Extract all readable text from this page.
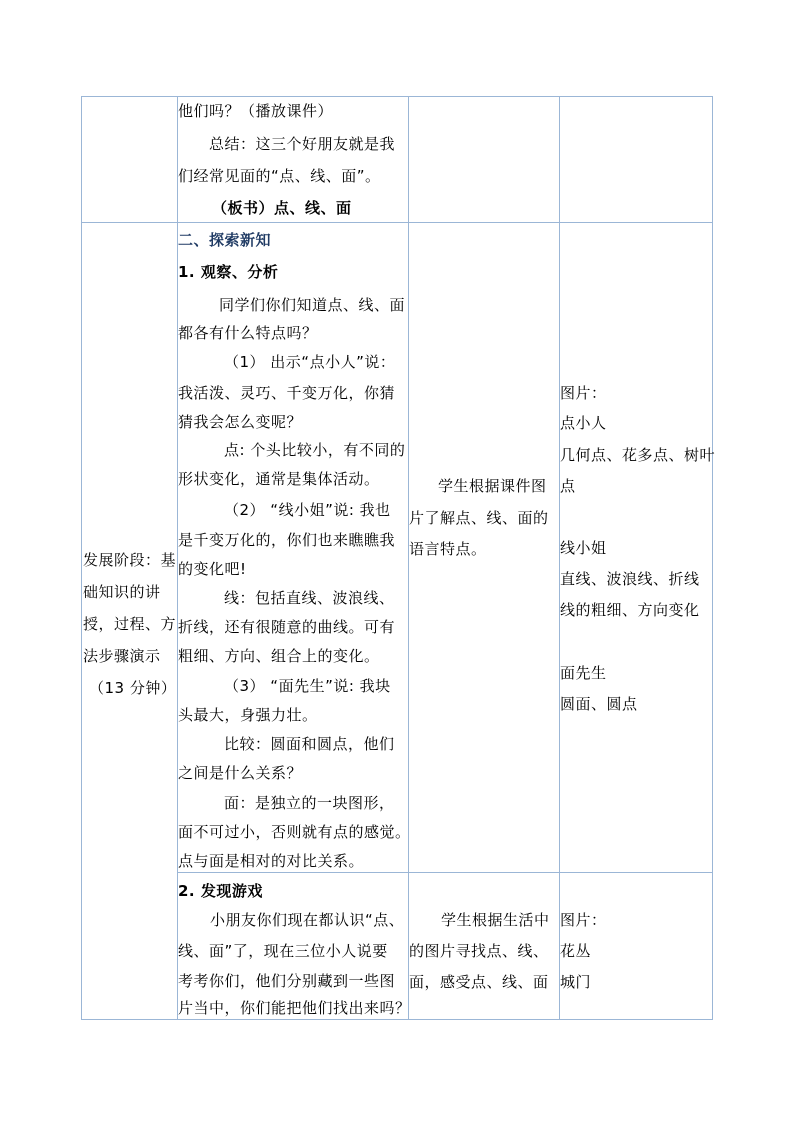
他们吗？（播放课件）
总结：这三个好朋友就是我
们经常见面的“点、线、面”。
（板书）点、线、面
发展阶段：基
础知识的讲
授，过程、方
法步骤演示
（13 分钟）
二、探索新知
1. 观察、分析
同学们你们知道点、线、面
都各有什么特点吗？
（1） 出示“点小人”说：
我活泼、灵巧、千变万化，你猜
猜我会怎么变呢？
点: 个头比较小，有不同的
形状变化，通常是集体活动。
（2） “线小姐”说: 我也
是千变万化的，你们也来瞧瞧我
的变化吧!
线：包括直线、波浪线、
折线，还有很随意的曲线。可有
粗细、方向、组合上的变化。
（3） “面先生”说: 我块
头最大，身强力壮。
比较：圆面和圆点，他们
之间是什么关系？
面：是独立的一块图形，
面不可过小，否则就有点的感觉。
点与面是相对的对比关系。
学生根据课件图
片了解点、线、面的
语言特点。
图片：
点小人
几何点、花多点、树叶
点
线小姐
直线、波浪线、折线
线的粗细、方向变化
面先生
圆面、圆点
2. 发现游戏
小朋友你们现在都认识“点、
线、面”了，现在三位小人说要
考考你们，他们分别藏到一些图
片当中，你们能把他们找出来吗？
学生根据生活中
的图片寻找点、线、
面，感受点、线、面
图片：
花丛
城门
